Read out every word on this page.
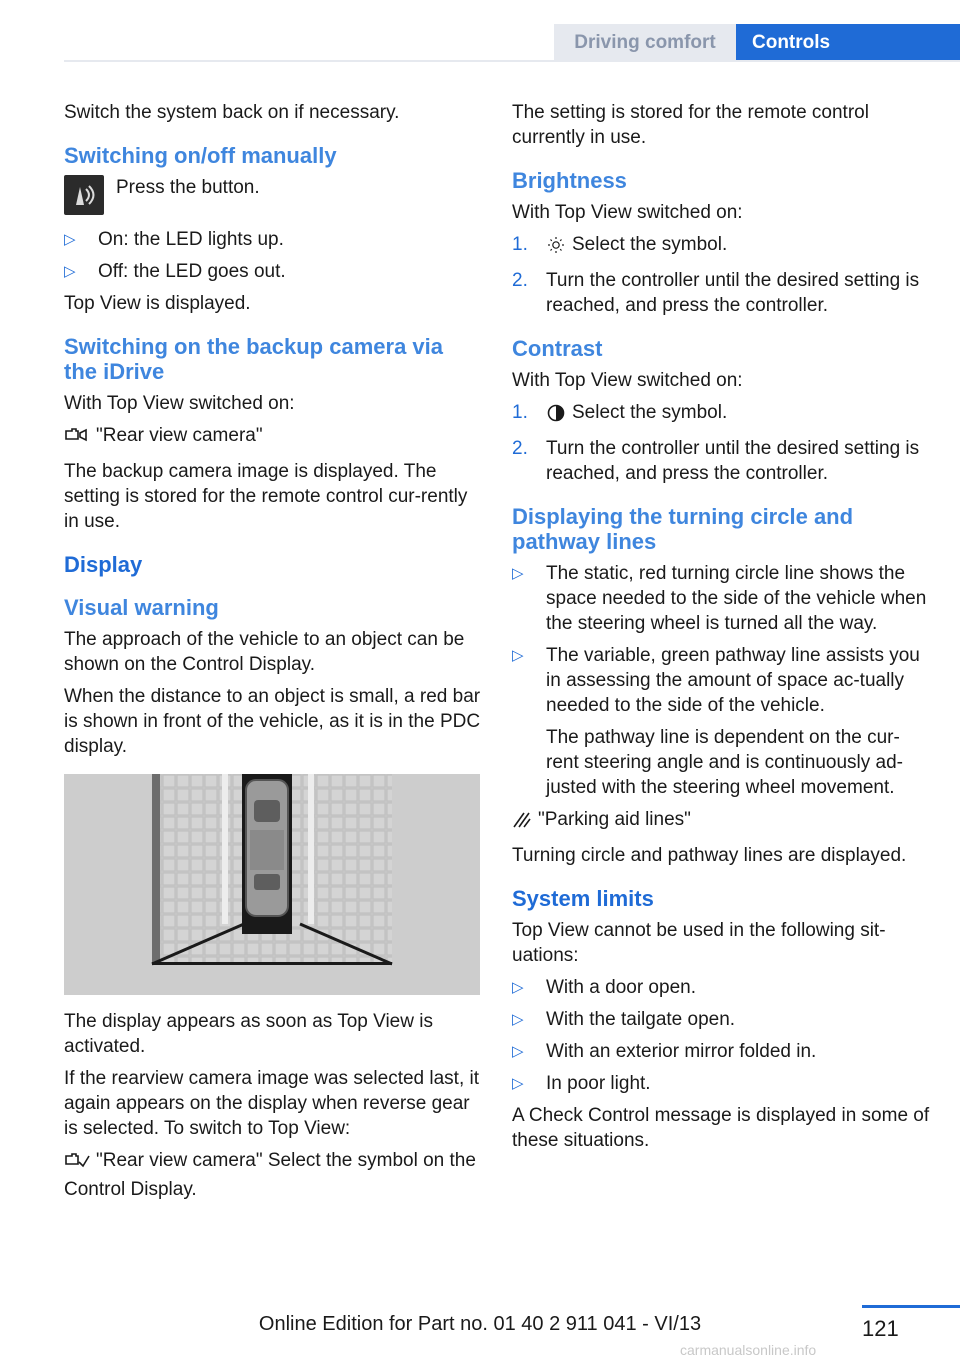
Driving comfort	Controls

Switch the system back on if necessary.

Switching on/off manually
Press the button.
▷ On: the LED lights up.
▷ Off: the LED goes out.

Top View is displayed.

Switching on the backup camera via the iDrive

With Top View switched on:

"Rear view camera"

The backup camera image is displayed. The setting is stored for the remote control cur-rently in use.

Display
Visual warning

The approach of the vehicle to an object can be shown on the Control Display.

When the distance to an object is small, a red bar is shown in front of the vehicle, as it is in the PDC display.

The display appears as soon as Top View is activated.

If the rearview camera image was selected last, it again appears on the display when reverse gear is selected. To switch to Top View:

"Rear view camera" Select the symbol on the Control Display.

The setting is stored for the remote control currently in use.

Brightness

With Top View switched on:

1. Select the symbol.
2. Turn the controller until the desired setting is reached, and press the controller.
Contrast

With Top View switched on:

1. Select the symbol.
2. Turn the controller until the desired setting is reached, and press the controller.
Displaying the turning circle and pathway lines
▷ The static, red turning circle line shows the space needed to the side of the vehicle when the steering wheel is turned all the way.
▷ The variable, green pathway line assists you in assessing the amount of space ac-tually needed to the side of the vehicle.
The pathway line is dependent on the cur-rent steering angle and is continuously ad-justed with the steering wheel movement.

"Parking aid lines"

Turning circle and pathway lines are displayed.

System limits

Top View cannot be used in the following sit-uations:

▷ With a door open.
▷ With the tailgate open.
▷ With an exterior mirror folded in.
▷ In poor light.

A Check Control message is displayed in some of these situations.

121
Online Edition for Part no. 01 40 2 911 041 - VI/13
carmanualsonline.info
